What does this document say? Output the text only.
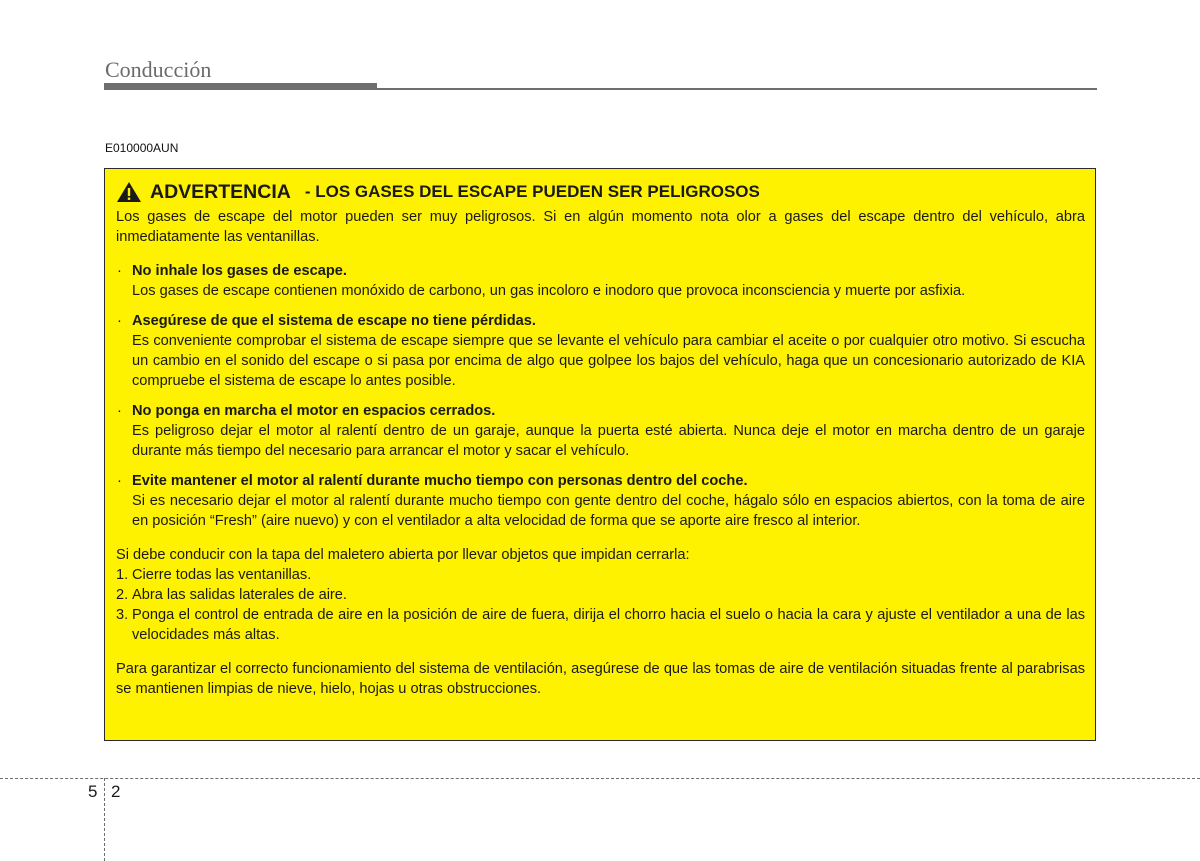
Conducción
E010000AUN
ADVERTENCIA - LOS GASES DEL ESCAPE PUEDEN SER PELIGROSOS

Los gases de escape del motor pueden ser muy peligrosos. Si en algún momento nota olor a gases del escape dentro del vehículo, abra inmediatamente las ventanillas.

· No inhale los gases de escape.
Los gases de escape contienen monóxido de carbono, un gas incoloro e inodoro que provoca inconsciencia y muerte por asfixia.
· Asegúrese de que el sistema de escape no tiene pérdidas.
Es conveniente comprobar el sistema de escape siempre que se levante el vehículo para cambiar el aceite o por cualquier otro motivo. Si escucha un cambio en el sonido del escape o si pasa por encima de algo que golpee los bajos del vehículo, haga que un concesionario autorizado de KIA compruebe el sistema de escape lo antes posible.
· No ponga en marcha el motor en espacios cerrados.
Es peligroso dejar el motor al ralentí dentro de un garaje, aunque la puerta esté abierta. Nunca deje el motor en marcha dentro de un garaje durante más tiempo del necesario para arrancar el motor y sacar el vehículo.
· Evite mantener el motor al ralentí durante mucho tiempo con personas dentro del coche.
Si es necesario dejar el motor al ralentí durante mucho tiempo con gente dentro del coche, hágalo sólo en espacios abiertos, con la toma de aire en posición “Fresh” (aire nuevo) y con el ventilador a alta velocidad de forma que se aporte aire fresco al interior.

Si debe conducir con la tapa del maletero abierta por llevar objetos que impidan cerrarla:

1. Cierre todas las ventanillas.
2. Abra las salidas laterales de aire.
3. Ponga el control de entrada de aire en la posición de aire de fuera, dirija el chorro hacia el suelo o hacia la cara y ajuste el ventilador a una de las velocidades más altas.

Para garantizar el correcto funcionamiento del sistema de ventilación, asegúrese de que las tomas de aire de ventilación situadas frente al parabrisas se mantienen limpias de nieve, hielo, hojas u otras obstrucciones.

5 2
